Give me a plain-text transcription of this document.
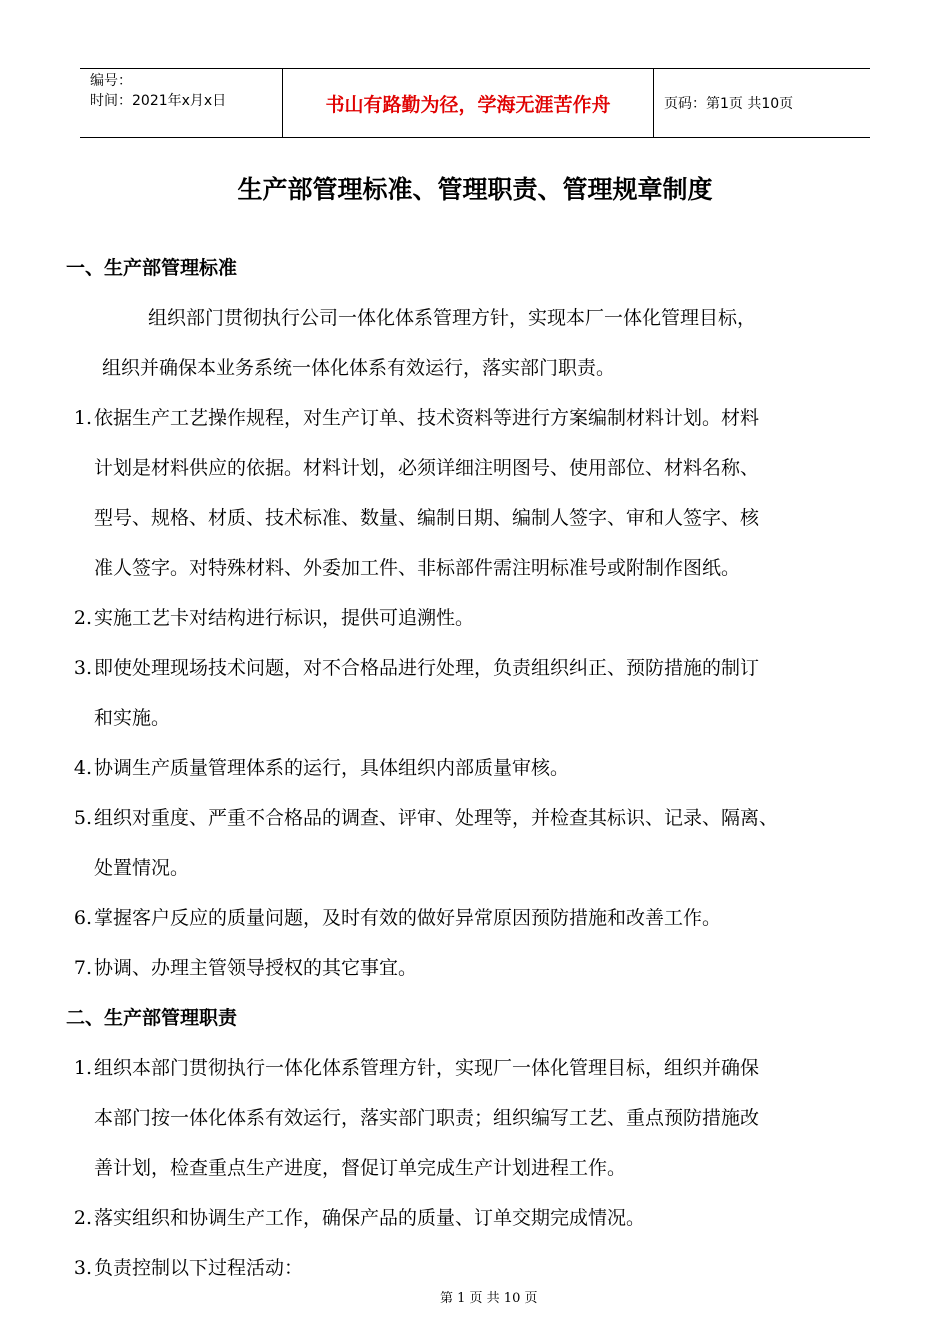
编号：
时间：2021年x月x日	书山有路勤为径，学海无涯苦作舟	页码：第1页 共10页
生产部管理标准、管理职责、管理规章制度
一、生产部管理标准
组织部门贯彻执行公司一体化体系管理方针，实现本厂一体化管理目标，
组织并确保本业务系统一体化体系有效运行，落实部门职责。
1. 依据生产工艺操作规程，对生产订单、技术资料等进行方案编制材料计划。材料
计划是材料供应的依据。材料计划，必须详细注明图号、使用部位、材料名称、
型号、规格、材质、技术标准、数量、编制日期、编制人签字、审和人签字、核
准人签字。对特殊材料、外委加工件、非标部件需注明标准号或附制作图纸。
2. 实施工艺卡对结构进行标识，提供可追溯性。
3. 即使处理现场技术问题，对不合格品进行处理，负责组织纠正、预防措施的制订
和实施。
4. 协调生产质量管理体系的运行，具体组织内部质量审核。
5. 组织对重度、严重不合格品的调查、评审、处理等，并检查其标识、记录、隔离、
处置情况。
6. 掌握客户反应的质量问题，及时有效的做好异常原因预防措施和改善工作。
7. 协调、办理主管领导授权的其它事宜。
二、生产部管理职责
1. 组织本部门贯彻执行一体化体系管理方针，实现厂一体化管理目标，组织并确保
本部门按一体化体系有效运行，落实部门职责；组织编写工艺、重点预防措施改
善计划，检查重点生产进度，督促订单完成生产计划进程工作。
2. 落实组织和协调生产工作，确保产品的质量、订单交期完成情况。
3. 负责控制以下过程活动：
第 1 页 共 10 页
